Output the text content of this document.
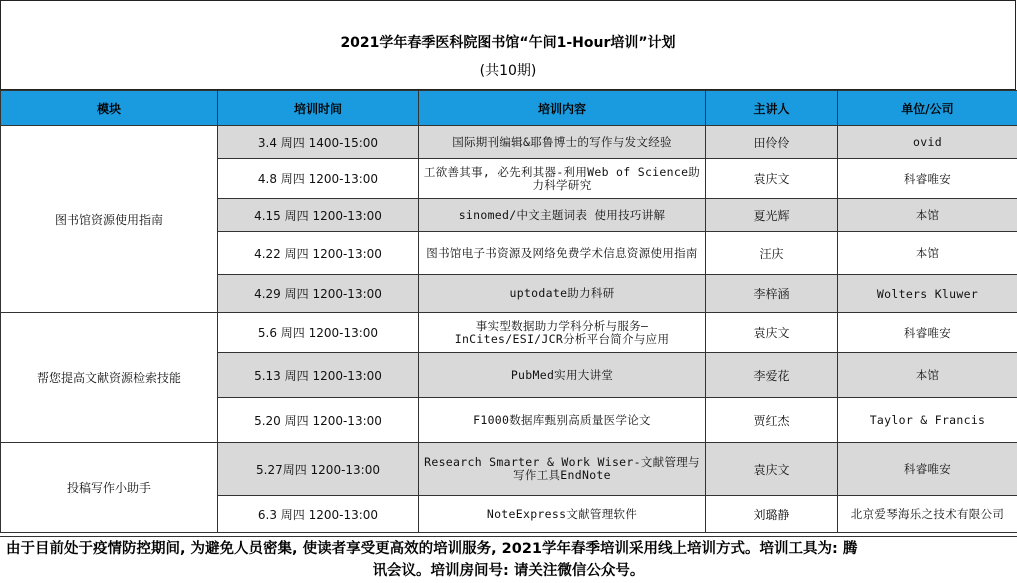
2021学年春季医科院图书馆“午间1-Hour培训”计划
(共10期)
模块	培训时间	培训内容	主讲人	单位/公司
图书馆资源使用指南	3.4 周四 1400-15:00	国际期刊编辑&耶鲁博士的写作与发文经验	田伶伶	ovid
	4.8 周四 1200-13:00	工欲善其事, 必先利其器-利用Web of Science助力科学研究	袁庆文	科睿唯安
	4.15 周四 1200-13:00	sinomed/中文主题词表 使用技巧讲解	夏光辉	本馆
	4.22 周四 1200-13:00	图书馆电子书资源及网络免费学术信息资源使用指南	汪庆	本馆
	4.29 周四 1200-13:00	uptodate助力科研	李梓涵	Wolters Kluwer
帮您提高文献资源检索技能	5.6 周四 1200-13:00	事实型数据助力学科分析与服务— InCites/ESI/JCR分析平台简介与应用	袁庆文	科睿唯安
	5.13 周四 1200-13:00	PubMed实用大讲堂	李爱花	本馆
	5.20 周四 1200-13:00	F1000数据库甄别高质量医学论文	贾红杰	Taylor & Francis
投稿写作小助手	5.27周四 1200-13:00	Research Smarter & Work Wiser-文献管理与写作工具EndNote	袁庆文	科睿唯安
	6.3 周四 1200-13:00	NoteExpress文献管理软件	刘璐静	北京爱琴海乐之技术有限公司
由于目前处于疫情防控期间, 为避免人员密集, 使读者享受更高效的培训服务, 2021学年春季培训采用线上培训方式。培训工具为: 腾
讯会议。培训房间号: 请关注微信公众号。
